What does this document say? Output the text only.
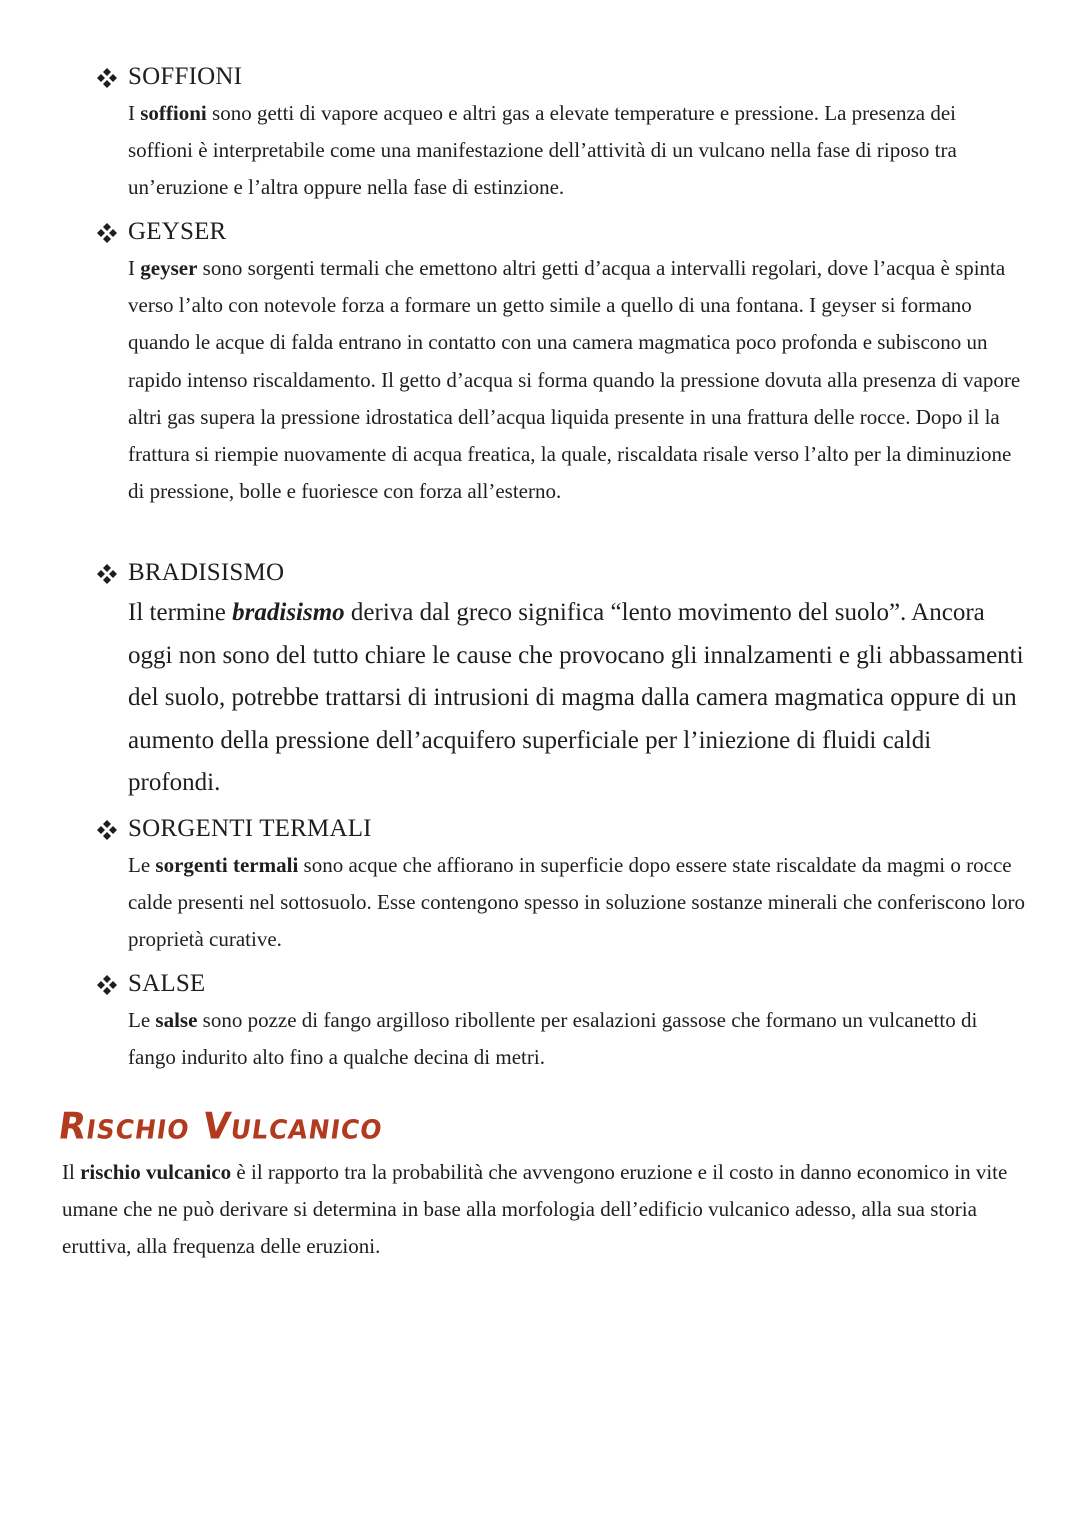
SOFFIONI

I soffioni sono getti di vapore acqueo e altri gas a elevate temperature e pressione. La presenza dei soffioni è interpretabile come una manifestazione dell’attività di un vulcano nella fase di riposo tra un’eruzione e l’altra oppure nella fase di estinzione.

GEYSER

I geyser sono sorgenti termali che emettono altri getti d’acqua a intervalli regolari, dove l’acqua è spinta verso l’alto con notevole forza a formare un getto simile a quello di una fontana. I geyser si formano quando le acque di falda entrano in contatto con una camera magmatica poco profonda e subiscono un rapido intenso riscaldamento. Il getto d’acqua si forma quando la pressione dovuta alla presenza di vapore altri gas supera la pressione idrostatica dell’acqua liquida presente in una frattura delle rocce. Dopo il la frattura si riempie nuovamente di acqua freatica, la quale, riscaldata risale verso l’alto per la diminuzione di pressione, bolle e fuoriesce con forza all’esterno.

BRADISISMO

Il termine bradisismo deriva dal greco significa “lento movimento del suolo”. Ancora oggi non sono del tutto chiare le cause che provocano gli innalzamenti e gli abbassamenti del suolo, potrebbe trattarsi di intrusioni di magma dalla camera magmatica oppure di un aumento della pressione dell’acquifero superficiale per l’iniezione di fluidi caldi profondi.

SORGENTI TERMALI

Le sorgenti termali sono acque che affiorano in superficie dopo essere state riscaldate da magmi o rocce calde presenti nel sottosuolo. Esse contengono spesso in soluzione sostanze minerali che conferiscono loro proprietà curative.

SALSE

Le salse sono pozze di fango argilloso ribollente per esalazioni gassose che formano un vulcanetto di fango indurito alto fino a qualche decina di metri.

Rischio Vulcanico

Il rischio vulcanico è il rapporto tra la probabilità che avvengono eruzione e il costo in danno economico in vite umane che ne può derivare si determina in base alla morfologia dell’edificio vulcanico adesso, alla sua storia eruttiva, alla frequenza delle eruzioni.
